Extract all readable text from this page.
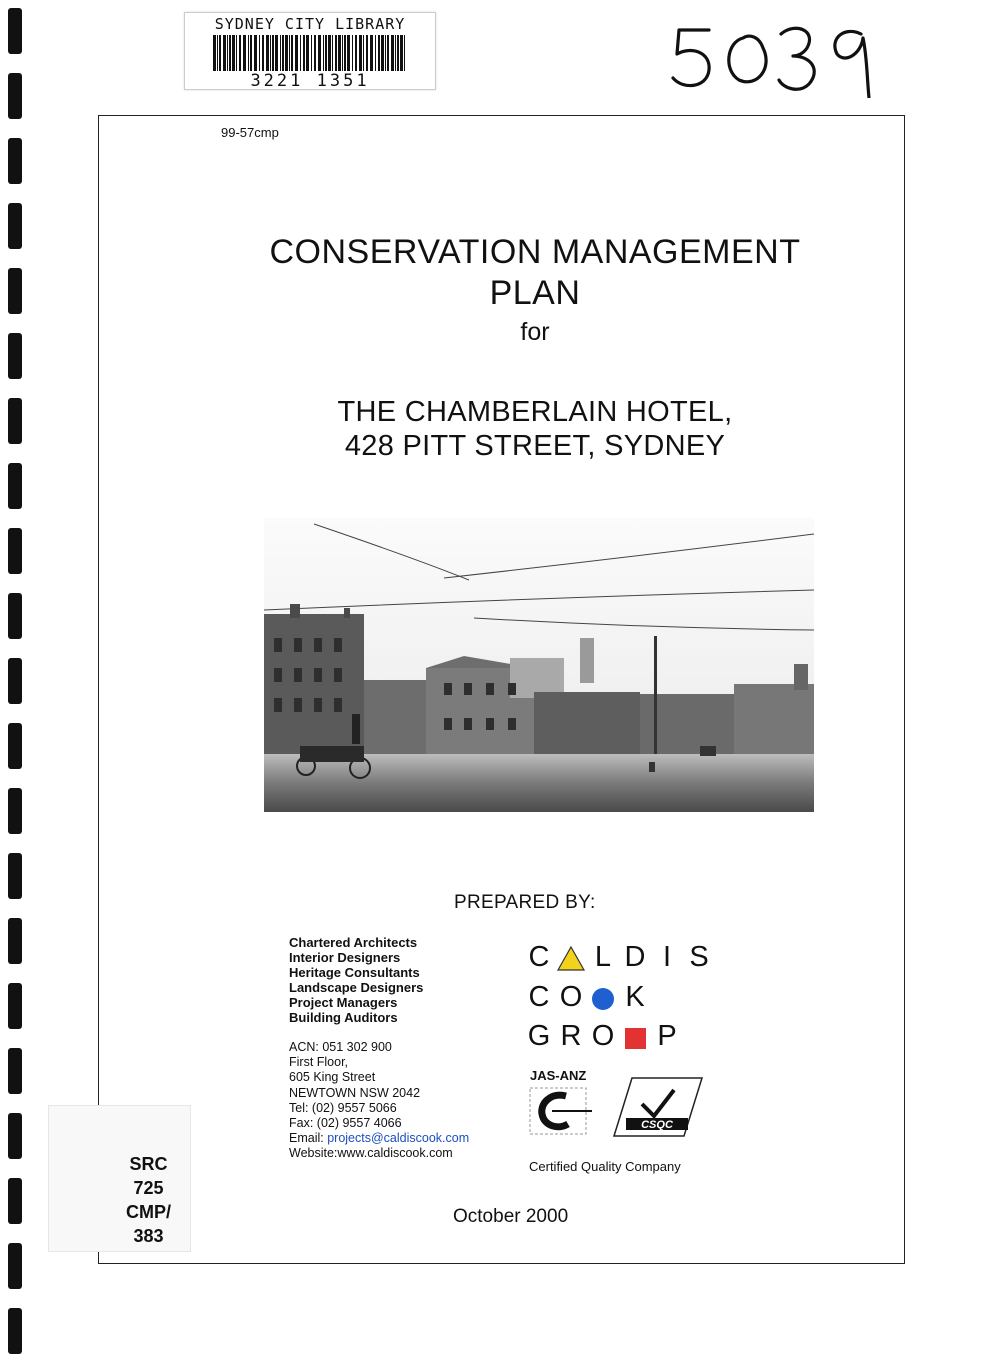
SYDNEY CITY LIBRARY
3221 1351
99-57cmp
CONSERVATION MANAGEMENT
PLAN
for
THE CHAMBERLAIN HOTEL,
428 PITT STREET, SYDNEY
PREPARED BY:
Chartered Architects
Interior Designers
Heritage Consultants
Landscape Designers
Project Managers
Building Auditors
ACN: 051 302 900
First Floor,
605 King Street
NEWTOWN NSW 2042
Tel: (02) 9557 5066
Fax: (02) 9557 4066
Email: projects@caldiscook.com
Website:www.caldiscook.com
C L D I S
C O K
G R O P
JAS-ANZ
CSQC
Certified Quality Company
October 2000
SRC
725
CMP/
383
